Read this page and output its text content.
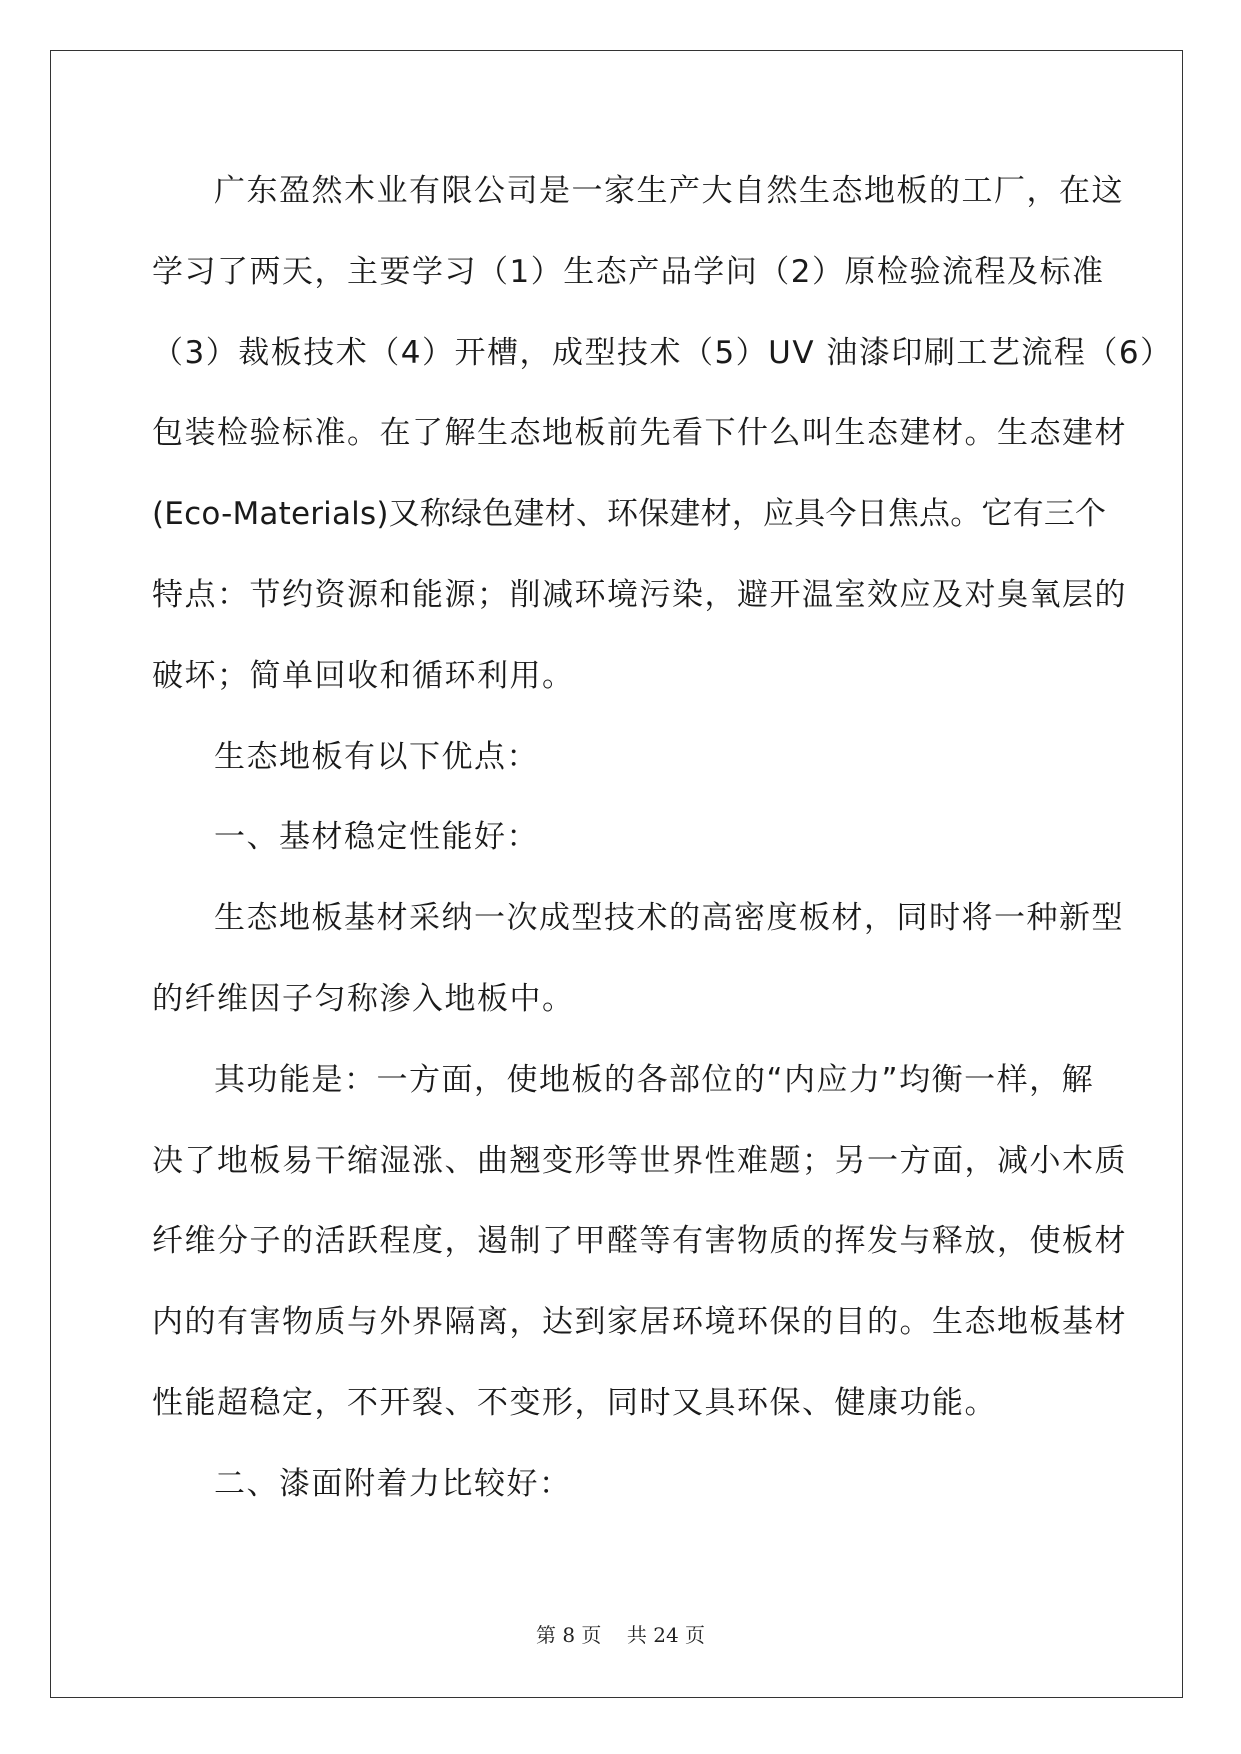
广东盈然木业有限公司是一家生产大自然生态地板的工厂，在这
学习了两天，主要学习（1）生态产品学问（2）原检验流程及标准
（3）裁板技术（4）开槽，成型技术（5）UV 油漆印刷工艺流程（6）
包装检验标准。在了解生态地板前先看下什么叫生态建材。生态建材
(Eco-Materials)又称绿色建材、环保建材，应具今日焦点。它有三个
特点：节约资源和能源；削减环境污染，避开温室效应及对臭氧层的
破坏；简单回收和循环利用。
生态地板有以下优点：
一、基材稳定性能好：
生态地板基材采纳一次成型技术的高密度板材，同时将一种新型
的纤维因子匀称渗入地板中。
其功能是：一方面，使地板的各部位的“内应力”均衡一样，解
决了地板易干缩湿涨、曲翘变形等世界性难题；另一方面，减小木质
纤维分子的活跃程度，遏制了甲醛等有害物质的挥发与释放，使板材
内的有害物质与外界隔离，达到家居环境环保的目的。生态地板基材
性能超稳定，不开裂、不变形，同时又具环保、健康功能。
二、漆面附着力比较好：
第 8 页 共 24 页
